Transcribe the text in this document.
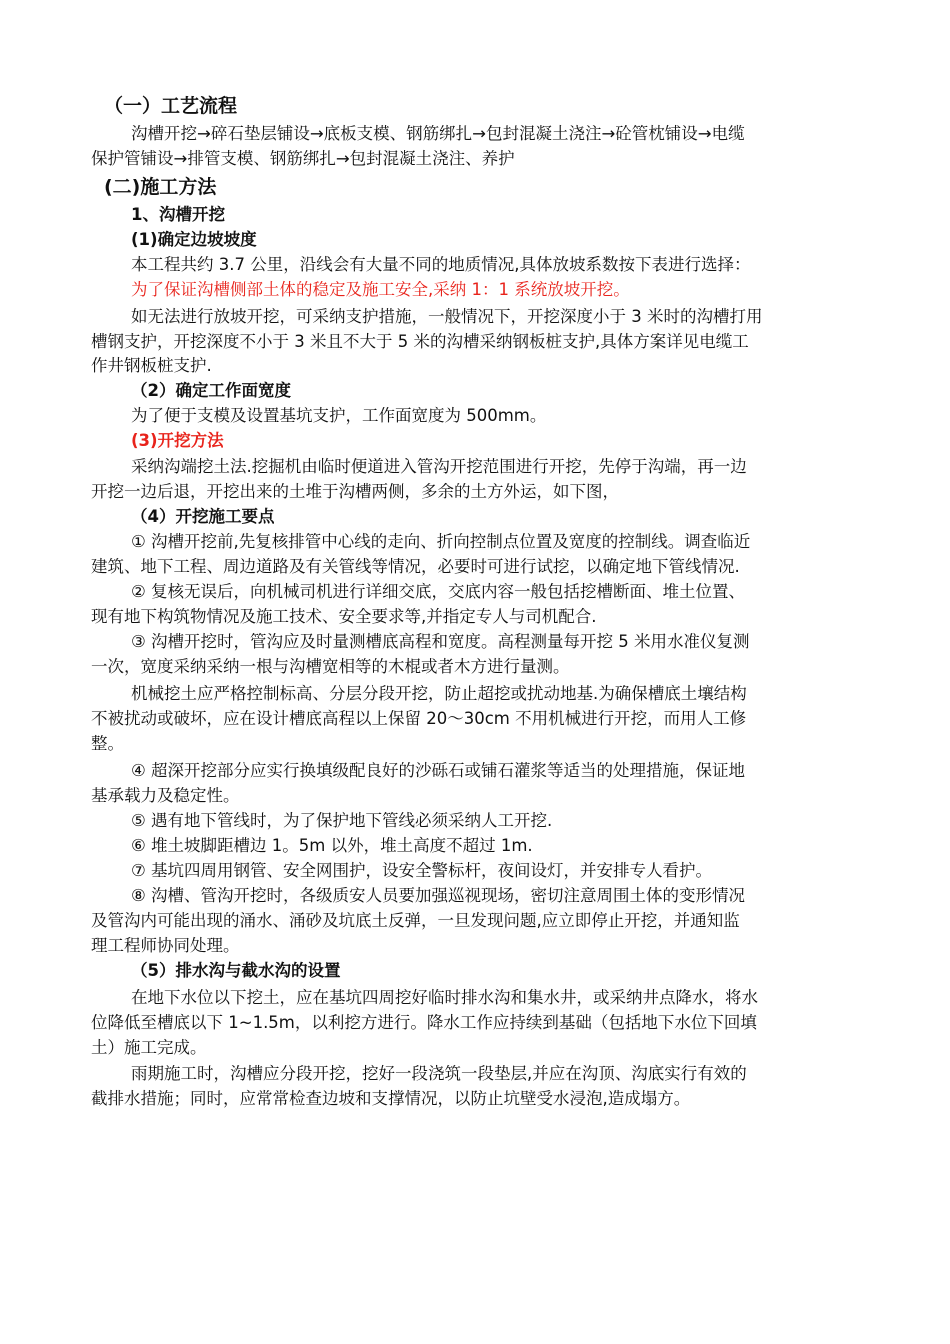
（一）工艺流程
沟槽开挖→碎石垫层铺设→底板支模、钢筋绑扎→包封混凝土浇注→砼管枕铺设→电缆
保护管铺设→排管支模、钢筋绑扎→包封混凝土浇注、养护
(二)施工方法
1、沟槽开挖
(1)确定边坡坡度
本工程共约 3.7 公里，沿线会有大量不同的地质情况,具体放坡系数按下表进行选择：
为了保证沟槽侧部土体的稳定及施工安全,采纳 1：1 系统放坡开挖。
如无法进行放坡开挖，可采纳支护措施，一般情况下，开挖深度小于 3 米时的沟槽打用
槽钢支护，开挖深度不小于 3 米且不大于 5 米的沟槽采纳钢板桩支护,具体方案详见电缆工
作井钢板桩支护.
（2）确定工作面宽度
为了便于支模及设置基坑支护，工作面宽度为 500mm。
(3)开挖方法
采纳沟端挖土法.挖掘机由临时便道进入管沟开挖范围进行开挖，先停于沟端，再一边
开挖一边后退，开挖出来的土堆于沟槽两侧，多余的土方外运，如下图，
（4）开挖施工要点
① 沟槽开挖前,先复核排管中心线的走向、折向控制点位置及宽度的控制线。调查临近
建筑、地下工程、周边道路及有关管线等情况，必要时可进行试挖，以确定地下管线情况.
② 复核无误后，向机械司机进行详细交底，交底内容一般包括挖槽断面、堆土位置、
现有地下构筑物情况及施工技术、安全要求等,并指定专人与司机配合.
③ 沟槽开挖时，管沟应及时量测槽底高程和宽度。高程测量每开挖 5 米用水准仪复测
一次，宽度采纳采纳一根与沟槽宽相等的木棍或者木方进行量测。
机械挖土应严格控制标高、分层分段开挖，防止超挖或扰动地基.为确保槽底土壤结构
不被扰动或破坏，应在设计槽底高程以上保留 20～30cm 不用机械进行开挖，而用人工修
整。
④ 超深开挖部分应实行换填级配良好的沙砾石或铺石灌浆等适当的处理措施，保证地
基承载力及稳定性。
⑤ 遇有地下管线时，为了保护地下管线必须采纳人工开挖.
⑥ 堆土坡脚距槽边 1。5m 以外，堆土高度不超过 1m.
⑦ 基坑四周用钢管、安全网围护，设安全警标杆，夜间设灯，并安排专人看护。
⑧ 沟槽、管沟开挖时，各级质安人员要加强巡视现场，密切注意周围土体的变形情况
及管沟内可能出现的涌水、涌砂及坑底土反弹，一旦发现问题,应立即停止开挖，并通知监
理工程师协同处理。
（5）排水沟与截水沟的设置
在地下水位以下挖土，应在基坑四周挖好临时排水沟和集水井，或采纳井点降水，将水
位降低至槽底以下 1~1.5m，以利挖方进行。降水工作应持续到基础（包括地下水位下回填
土）施工完成。
雨期施工时，沟槽应分段开挖，挖好一段浇筑一段垫层,并应在沟顶、沟底实行有效的
截排水措施；同时，应常常检查边坡和支撑情况，以防止坑壁受水浸泡,造成塌方。
